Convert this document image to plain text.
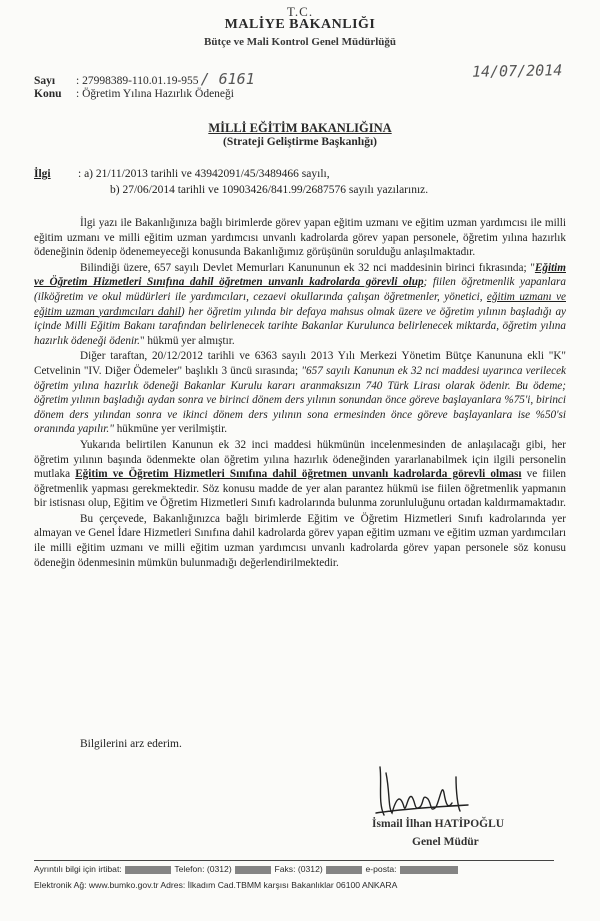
T.C.
MALİYE BAKANLIĞI
Bütçe ve Mali Kontrol Genel Müdürlüğü
Sayı : 27998389-110.01.19-955 / 6161	14/07/2014
Konu : Öğretim Yılına Hazırlık Ödeneği
MİLLİ EĞİTİM BAKANLIĞINA
(Strateji Geliştirme Başkanlığı)
İlgi : a) 21/11/2013 tarihli ve 43942091/45/3489466 sayılı,
b) 27/06/2014 tarihli ve 10903426/841.99/2687576 sayılı yazılarınız.

İlgi yazı ile Bakanlığınıza bağlı birimlerde görev yapan eğitim uzmanı ve eğitim uzman yardımcısı ile milli eğitim uzmanı ve milli eğitim uzman yardımcısı unvanlı kadrolarda görev yapan personele, öğretim yılına hazırlık ödeneğinin ödenip ödenemeyeceği konusunda Bakanlığımız görüşünün sorulduğu anlaşılmaktadır.

Bilindiği üzere, 657 sayılı Devlet Memurları Kanununun ek 32 nci maddesinin birinci fıkrasında; "Eğitim ve Öğretim Hizmetleri Sınıfına dahil öğretmen unvanlı kadrolarda görevli olup; fiilen öğretmenlik yapanlara (ilköğretim ve okul müdürleri ile yardımcıları, cezaevi okullarında çalışan öğretmenler, yönetici, eğitim uzmanı ve eğitim uzman yardımcıları dahil) her öğretim yılında bir defaya mahsus olmak üzere ve öğretim yılının başladığı ay içinde Milli Eğitim Bakanı tarafından belirlenecek tarihte Bakanlar Kurulunca belirlenecek miktarda, öğretim yılına hazırlık ödeneği ödenir." hükmü yer almıştır.

Diğer taraftan, 20/12/2012 tarihli ve 6363 sayılı 2013 Yılı Merkezi Yönetim Bütçe Kanununa ekli "K" Cetvelinin "IV. Diğer Ödemeler" başlıklı 3 üncü sırasında; "657 sayılı Kanunun ek 32 nci maddesi uyarınca verilecek öğretim yılına hazırlık ödeneği Bakanlar Kurulu kararı aranmaksızın 740 Türk Lirası olarak ödenir. Bu ödeme; öğretim yılının başladığı aydan sonra ve birinci dönem ders yılının sonundan önce göreve başlayanlara %75'i, birinci dönem ders yılından sonra ve ikinci dönem ders yılının sona ermesinden önce göreve başlayanlara ise %50'si oranında yapılır." hükmüne yer verilmiştir.

Yukarıda belirtilen Kanunun ek 32 inci maddesi hükmünün incelenmesinden de anlaşılacağı gibi, her öğretim yılının başında ödenmekte olan öğretim yılına hazırlık ödeneğinden yararlanabilmek için ilgili personelin mutlaka Eğitim ve Öğretim Hizmetleri Sınıfına dahil öğretmen unvanlı kadrolarda görevli olması ve fiilen öğretmenlik yapması gerekmektedir. Söz konusu madde de yer alan parantez hükmü ise fiilen öğretmenlik yapmanın bir istisnası olup, Eğitim ve Öğretim Hizmetleri Sınıfı kadrolarında bulunma zorunluluğunu ortadan kaldırmamaktadır.

Bu çerçevede, Bakanlığınızca bağlı birimlerde Eğitim ve Öğretim Hizmetleri Sınıfı kadrolarında yer almayan ve Genel İdare Hizmetleri Sınıfına dahil kadrolarda görev yapan eğitim uzmanı ve eğitim uzman yardımcıları ile milli eğitim uzmanı ve milli eğitim uzman yardımcısı unvanlı kadrolarda görev yapan personele söz konusu ödeneğin ödenmesinin mümkün bulunmadığı değerlendirilmektedir.

Bilgilerini arz ederim.
İsmail İlhan HATİPOĞLU
Genel Müdür
Ayrıntılı bilgi için irtibat:	Telefon: (0312)	Faks: (0312)	e-posta:
Elektronik Ağ: www.bumko.gov.tr Adres: İlkadım Cad.TBMM karşısı Bakanlıklar 06100 ANKARA
